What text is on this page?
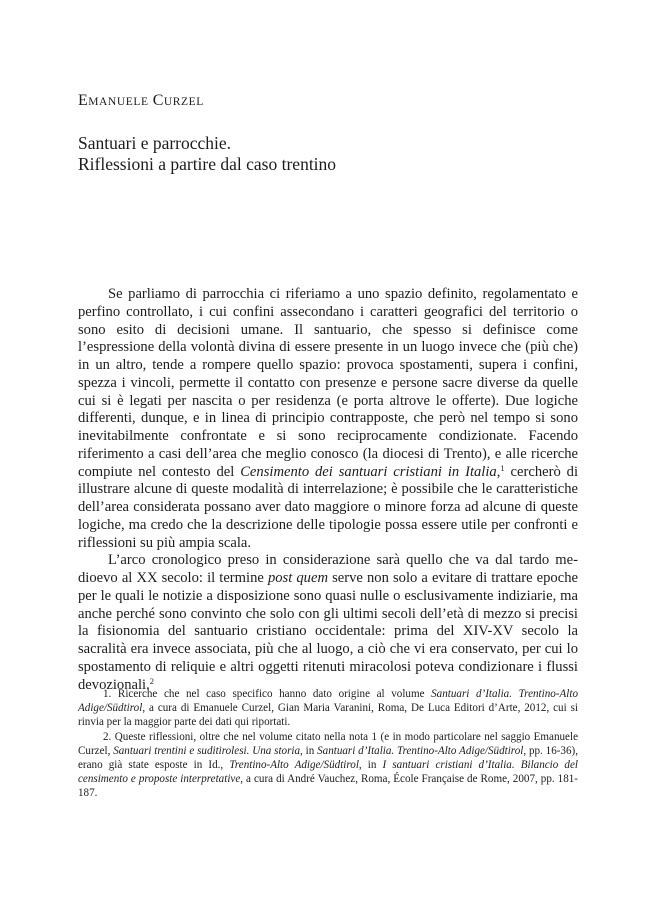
EMANUELE CURZEL
Santuari e parrocchie.
Riflessioni a partire dal caso trentino

Se parliamo di parrocchia ci riferiamo a uno spazio definito, regolamentato e perfino controllato, i cui confini assecondano i caratteri geografici del territorio o sono esito di decisioni umane. Il santuario, che spesso si definisce come l’espressione della volontà divina di essere presente in un luogo invece che (più che) in un altro, tende a rompere quello spazio: provoca spostamenti, supera i confini, spezza i vincoli, permette il contatto con presenze e persone sacre diverse da quelle cui si è legati per nascita o per residenza (e porta altrove le offerte). Due logiche differenti, dunque, e in linea di principio contrapposte, che però nel tempo si sono inevitabilmente confrontate e si sono reciprocamente condizionate. Facendo riferimento a casi dell’area che meglio conosco (la diocesi di Trento), e alle ricerche compiute nel contesto del Censimento dei santuari cristiani in Italia,$^1$ cercherò di illustrare alcune di queste modalità di interrelazione; è possibile che le caratteristiche dell’area considerata possano aver dato maggiore o minore forza ad alcune di queste logiche, ma credo che la descrizione delle tipologie possa essere utile per confronti e riflessioni su più ampia scala.

L’arco cronologico preso in considerazione sarà quello che va dal tardo medioevo al XX secolo: il termine post quem serve non solo a evitare di trattare epoche per le quali le notizie a disposizione sono quasi nulle o esclusivamente indiziarie, ma anche perché sono convinto che solo con gli ultimi secoli dell’età di mezzo si precisi la fisionomia del santuario cristiano occidentale: prima del XIV-XV secolo la sacralità era invece associata, più che al luogo, a ciò che vi era conservato, per cui lo spostamento di reliquie e altri oggetti ritenuti miracolosi poteva condizionare i flussi devozionali.$^2$

1. Ricerche che nel caso specifico hanno dato origine al volume Santuari d’Italia. Trentino-Alto Adige/Südtirol, a cura di Emanuele Curzel, Gian Maria Varanini, Roma, De Luca Editori d’Arte, 2012, cui si rinvia per la maggior parte dei dati qui riportati.

2. Queste riflessioni, oltre che nel volume citato nella nota 1 (e in modo particolare nel saggio Emanuele Curzel, Santuari trentini e suditirolesi. Una storia, in Santuari d’Italia. Trentino-Alto Adige/Südtirol, pp. 16-36), erano già state esposte in Id., Trentino-Alto Adige/Südtirol, in I santuari cristiani d’Italia. Bilancio del censimento e proposte interpretative, a cura di André Vauchez, Roma, École Française de Rome, 2007, pp. 181-187.
